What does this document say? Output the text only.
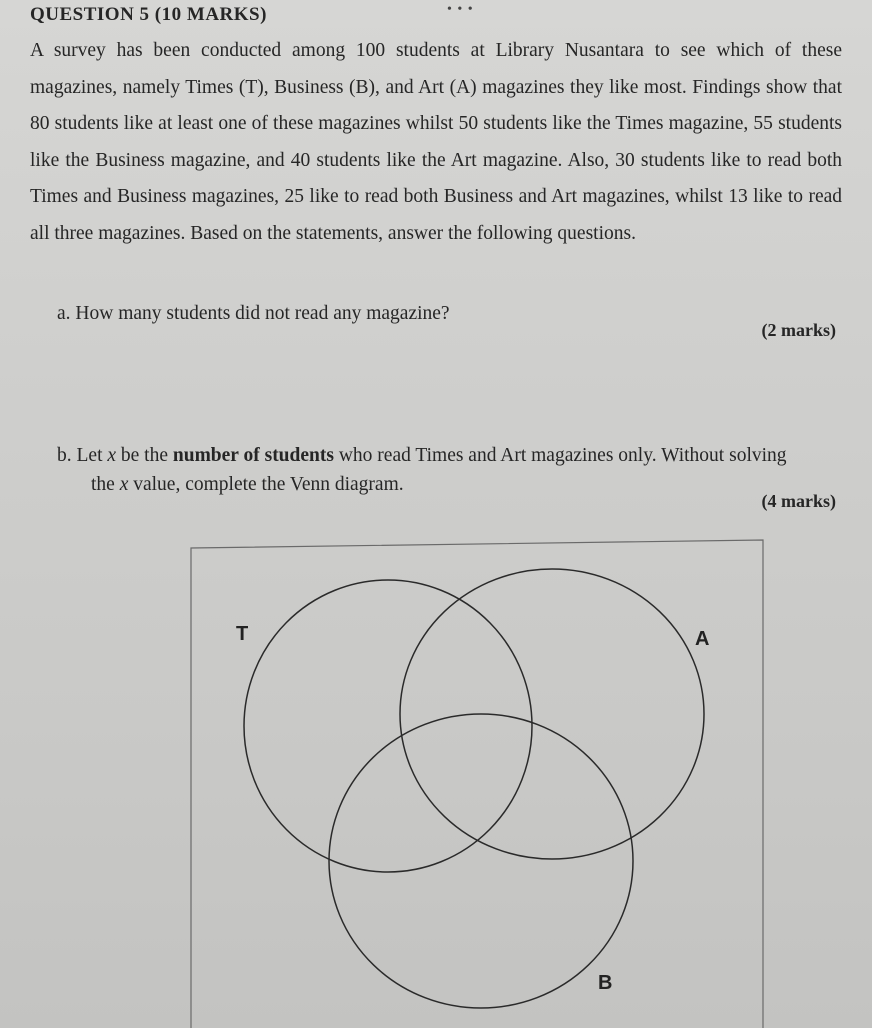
QUESTION 5 (10 MARKS)	• • •

A survey has been conducted among 100 students at Library Nusantara to see which of these magazines, namely Times (T), Business (B), and Art (A) magazines they like most. Findings show that 80 students like at least one of these magazines whilst 50 students like the Times magazine, 55 students like the Business magazine, and 40 students like the Art magazine. Also, 30 students like to read both Times and Business magazines, 25 like to read both Business and Art magazines, whilst 13 like to read all three magazines. Based on the statements, answer the following questions.

a. How many students did not read any magazine?

(2 marks)

b. Let x be the number of students who read Times and Art magazines only. Without solving
the x value, complete the Venn diagram.

(4 marks)
T	A
B
